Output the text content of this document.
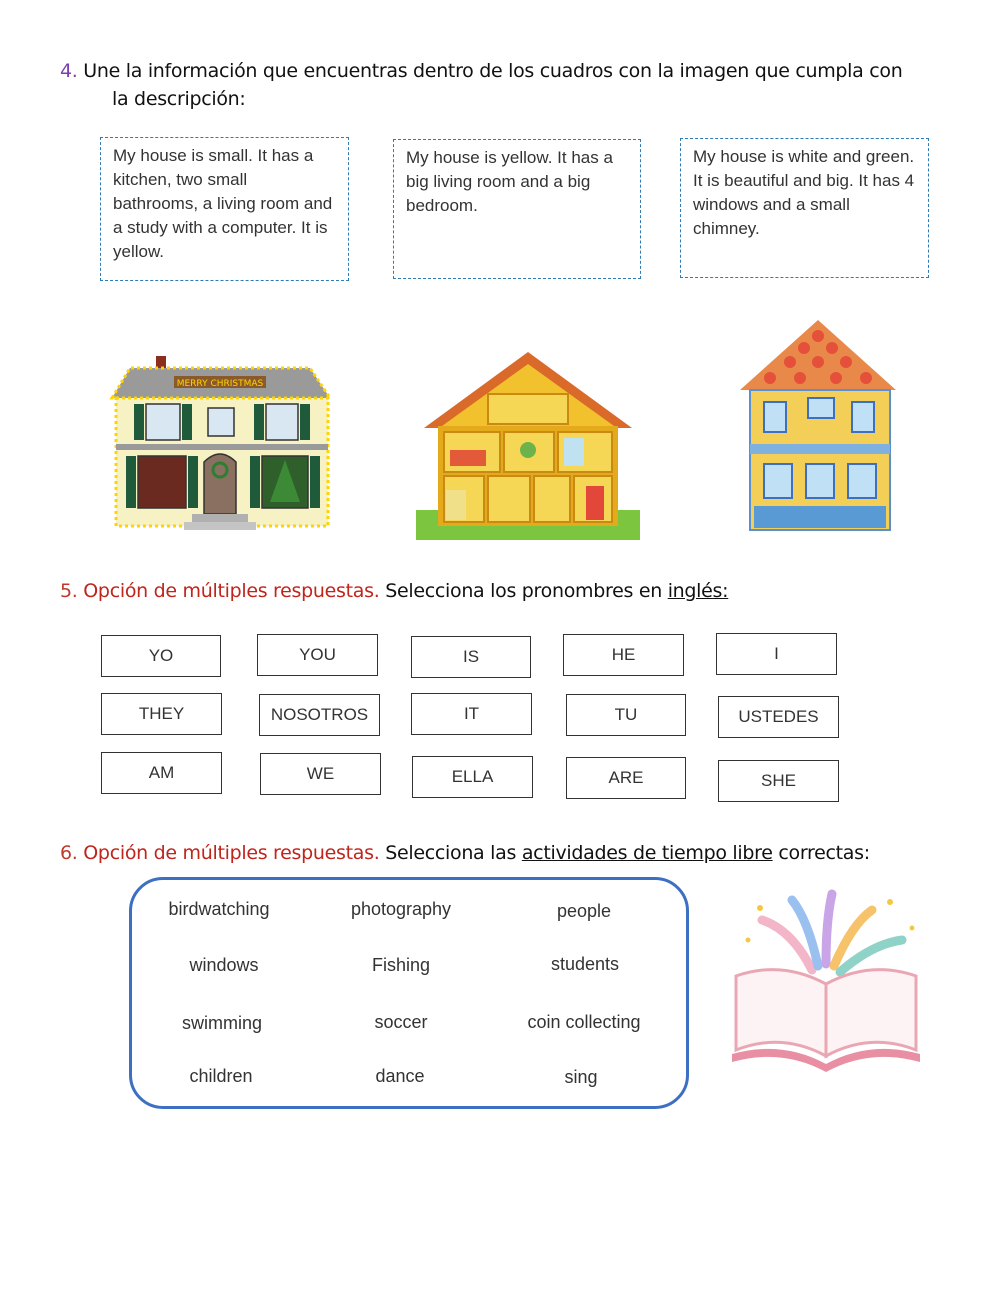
4. Une la información que encuentras dentro de los cuadros con la imagen que cumpla con
la descripción:
My house is small. It has a kitchen, two small bathrooms, a living room and a study with a computer. It is yellow.
My house is yellow. It has a big living room and a big bedroom.
My house is white and green. It is beautiful and big. It has 4 windows and a small chimney.
MERRY CHRISTMAS
5. Opción de múltiples respuestas. Selecciona los pronombres en inglés:
YO	YOU	IS	HE	I
THEY	NOSOTROS	IT	TU	USTEDES
AM	WE	ELLA	ARE	SHE
6. Opción de múltiples respuestas. Selecciona las actividades de tiempo libre correctas:
birdwatching	photography	people
windows	Fishing	students
swimming	soccer	coin collecting
children	dance	sing
